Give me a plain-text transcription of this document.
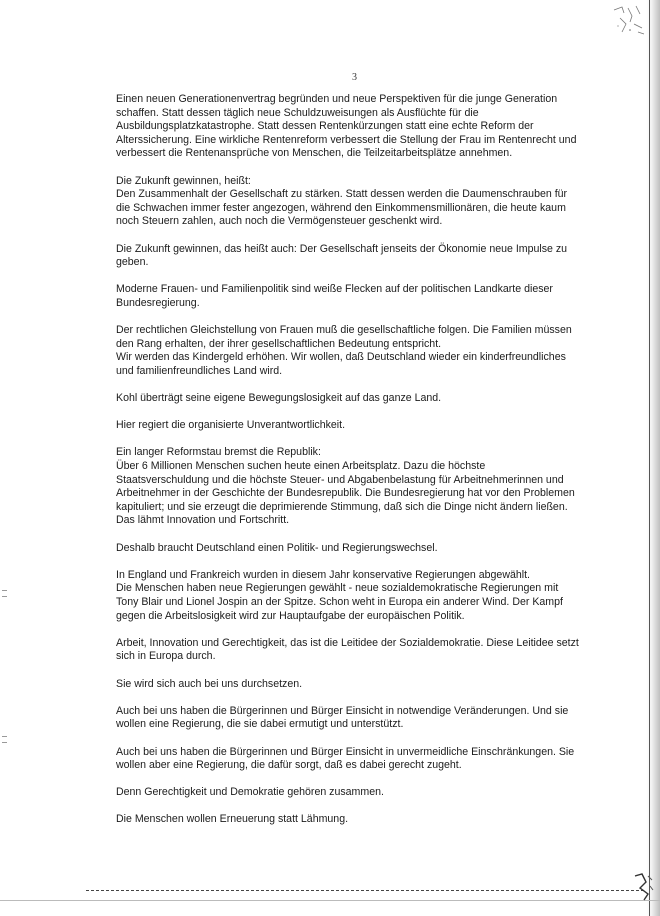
3

Einen neuen Generationenvertrag begründen und neue Perspektiven für die junge Generation
schaffen. Statt dessen täglich neue Schuldzuweisungen als Ausflüchte für die
Ausbildungsplatzkatastrophe. Statt dessen Rentenkürzungen statt eine echte Reform der
Alterssicherung. Eine wirkliche Rentenreform verbessert die Stellung der Frau im Rentenrecht und
verbessert die Rentenansprüche von Menschen, die Teilzeitarbeitsplätze annehmen.

Die Zukunft gewinnen, heißt:
Den Zusammenhalt der Gesellschaft zu stärken. Statt dessen werden die Daumenschrauben für
die Schwachen immer fester angezogen, während den Einkommensmillionären, die heute kaum
noch Steuern zahlen, auch noch die Vermögensteuer geschenkt wird.

Die Zukunft gewinnen, das heißt auch: Der Gesellschaft jenseits der Ökonomie neue Impulse zu
geben.

Moderne Frauen- und Familienpolitik sind weiße Flecken auf der politischen Landkarte dieser
Bundesregierung.

Der rechtlichen Gleichstellung von Frauen muß die gesellschaftliche folgen. Die Familien müssen
den Rang erhalten, der ihrer gesellschaftlichen Bedeutung entspricht.
Wir werden das Kindergeld erhöhen. Wir wollen, daß Deutschland wieder ein kinderfreundliches
und familienfreundliches Land wird.

Kohl überträgt seine eigene Bewegungslosigkeit auf das ganze Land.

Hier regiert die organisierte Unverantwortlichkeit.

Ein langer Reformstau bremst die Republik:
Über 6 Millionen Menschen suchen heute einen Arbeitsplatz. Dazu die höchste
Staatsverschuldung und die höchste Steuer- und Abgabenbelastung für Arbeitnehmerinnen und
Arbeitnehmer in der Geschichte der Bundesrepublik. Die Bundesregierung hat vor den Problemen
kapituliert; und sie erzeugt die deprimierende Stimmung, daß sich die Dinge nicht ändern ließen.
Das lähmt Innovation und Fortschritt.

Deshalb braucht Deutschland einen Politik- und Regierungswechsel.

In England und Frankreich wurden in diesem Jahr konservative Regierungen abgewählt.
Die Menschen haben neue Regierungen gewählt - neue sozialdemokratische Regierungen mit
Tony Blair und Lionel Jospin an der Spitze. Schon weht in Europa ein anderer Wind. Der Kampf
gegen die Arbeitslosigkeit wird zur Hauptaufgabe der europäischen Politik.

Arbeit, Innovation und Gerechtigkeit, das ist die Leitidee der Sozialdemokratie. Diese Leitidee setzt
sich in Europa durch.

Sie wird sich auch bei uns durchsetzen.

Auch bei uns haben die Bürgerinnen und Bürger Einsicht in notwendige Veränderungen. Und sie
wollen eine Regierung, die sie dabei ermutigt und unterstützt.

Auch bei uns haben die Bürgerinnen und Bürger Einsicht in unvermeidliche Einschränkungen. Sie
wollen aber eine Regierung, die dafür sorgt, daß es dabei gerecht zugeht.

Denn Gerechtigkeit und Demokratie gehören zusammen.

Die Menschen wollen Erneuerung statt Lähmung.
